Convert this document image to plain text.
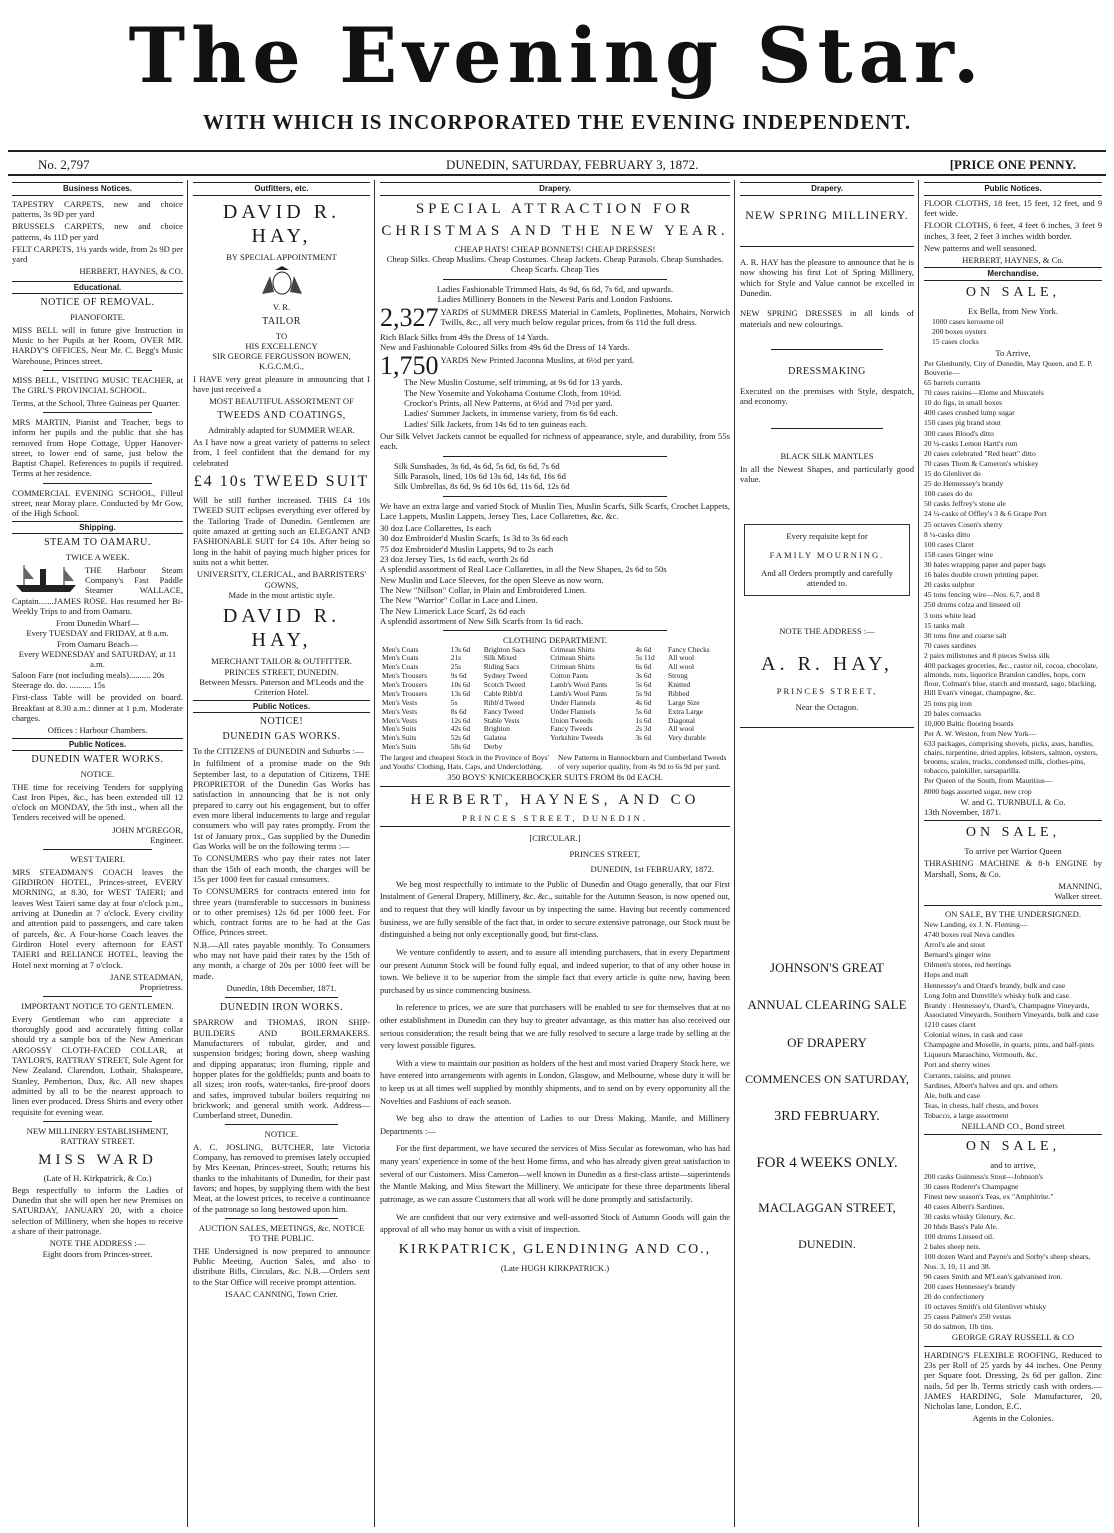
The Evening Star.
WITH WHICH IS INCORPORATED THE EVENING INDEPENDENT.
No. 2,797	DUNEDIN, SATURDAY, FEBRUARY 3, 1872.	[PRICE ONE PENNY.
Business Notices.

TAPESTRY CARPETS, new and choice patterns, 3s 9D per yard

BRUSSELS CARPETS, new and choice patterns, 4s 11D per yard

FELT CARPETS, 1¼ yards wide, from 2s 9D per yard

HERBERT, HAYNES, & CO.

Educational.
NOTICE OF REMOVAL.
PIANOFORTE.

MISS BELL will in future give Instruction in Music to her Pupils at her Room, OVER MR. HARDY'S OFFICES, Near Mr. C. Begg's Music Warehouse, Princes street.

MISS BELL, VISITING MUSIC TEACHER, at The GIRL'S PROVINCIAL SCHOOL.

Terms, at the School, Three Guineas per Quarter.

MRS MARTIN, Pianist and Teacher, begs to inform her pupils and the public that she has removed from Hope Cottage, Upper Hanover-street, to lower end of same, just below the Baptist Chapel. References to pupils if required. Terms at her residence.

COMMERCIAL EVENING SCHOOL, Filleul street, near Moray place. Conducted by Mr Gow, of the High School.

Shipping.
STEAM TO OAMARU.
TWICE A WEEK.

THE Harbour Steam Company's Fast Paddle Steamer WALLACE, Captain.......JAMES ROSE. Has resumed her Bi-Weekly Trips to and from Oamaru.

From Dunedin Wharf—
Every TUESDAY and FRIDAY, at 8 a.m.
From Oamaru Beach—
Every WEDNESDAY and SATURDAY, at 11 a.m.
Saloon Fare (not including meals).......... 20s
Steerage do. do. .......... 15s

First-class Table will be provided on board. Breakfast at 8.30 a.m.: dinner at 1 p.m. Moderate charges.

Offices : Harbour Chambers.
Public Notices.
DUNEDIN WATER WORKS.
NOTICE.

THE time for receiving Tenders for supplying Cast Iron Pipes, &c., has been extended till 12 o'clock on MONDAY, the 5th inst., when all the Tenders received will be opened.

JOHN M'GREGOR,
Engineer.
WEST TAIERI.

MRS STEADMAN'S COACH leaves the GIRDIRON HOTEL, Princes-street, EVERY MORNING, at 8.30, for WEST TAIERI; and leaves West Taieri same day at four o'clock p.m., arriving at Dunedin at 7 o'clock. Every civility and attention paid to passengers, and care taken of parcels, &c. A Four-horse Coach leaves the Girdiron Hotel every afternoon for EAST TAIERI and RELIANCE HOTEL, leaving the Hotel next morning at 7 o'clock.

JANE STEADMAN,
Proprietress.
IMPORTANT NOTICE TO GENTLEMEN.

Every Gentleman who can appreciate a thoroughly good and accurately fitting collar should try a sample box of the New American ARGOSSY CLOTH-FACED COLLAR, at TAYLOR'S, RATTRAY STREET, Sole Agent for New Zealand. Clarendon, Lothair, Shakspeare, Stanley, Pemberton, Dux, &c. All new shapes admitted by all to be the nearest approach to linen ever produced. Dress Shirts and every other requisite for evening wear.

NEW MILLINERY ESTABLISHMENT,
RATTRAY STREET.
MISS WARD
(Late of H. Kirkpatrick, & Co.)

Begs respectfully to inform the Ladies of Dunedin that she will open her new Premises on SATURDAY, JANUARY 20, with a choice selection of Millinery, when she hopes to receive a share of their patronage.

NOTE THE ADDRESS :—
Eight doors from Princes-street.
Outfitters, etc.
DAVID R. HAY,
BY SPECIAL APPOINTMENT
V. R.
TAILOR
TO
HIS EXCELLENCY
SIR GEORGE FERGUSSON BOWEN, K.G.C.M.G.,

I HAVE very great pleasure in announcing that I have just received a

MOST BEAUTIFUL ASSORTMENT OF
TWEEDS AND COATINGS,
Admirably adapted for SUMMER WEAR.

As I have now a great variety of patterns to select from, I feel confident that the demand for my celebrated

£4 10s TWEED SUIT

Will be still further increased. THIS £4 10s TWEED SUIT eclipses everything ever offered by the Tailoring Trade of Dunedin. Gentlemen are quite amazed at getting such an ELEGANT AND FASHIONABLE SUIT for £4 10s. After being so long in the habit of paying much higher prices for suits not a whit better.

UNIVERSITY, CLERICAL, and BARRISTERS' GOWNS,
Made in the most artistic style.
DAVID R. HAY,
MERCHANT TAILOR & OUTFITTER.
PRINCES STREET, DUNEDIN.
Between Messrs. Paterson and M'Leods and the Criterion Hotel.
Public Notices.
NOTICE!
DUNEDIN GAS WORKS.

To the CITIZENS of DUNEDIN and Suburbs :—

In fulfilment of a promise made on the 9th September last, to a deputation of Citizens, THE PROPRIETOR of the Dunedin Gas Works has satisfaction in announcing that he is not only prepared to carry out his engagement, but to offer even more liberal inducements to large and regular consumers who will pay rates promptly. From the 1st of January prox., Gas supplied by the Dunedin Gas Works will be on the following terms :—

To CONSUMERS who pay their rates not later than the 15th of each month, the charges will be 15s per 1000 feet for casual consumers.

To CONSUMERS for contracts entered into for three years (transferable to successors in business or to other premises) 12s 6d per 1000 feet. For which, contract forms are to be had at the Gas Office, Princes street.

N.B.—All rates payable monthly. To Consumers who may not have paid their rates by the 15th of any month, a charge of 20s per 1000 feet will be made.

Dunedin, 18th December, 1871.
DUNEDIN IRON WORKS.

SPARROW and THOMAS, IRON SHIP-BUILDERS AND BOILERMAKERS. Manufacturers of tubular, girder, and and suspension bridges; boring down, sheep washing and dipping apparatus; iron fluming, ripple and hopper plates for the goldfields; punts and boats to all sizes; iron roofs, water-tanks, fire-proof doors and safes, improved tubular boilers requiring no brickwork; and general smith work. Address—Cumberland street, Dunedin.

NOTICE.

A. C. JOSLING, BUTCHER, late Victoria Company, has removed to premises lately occupied by Mrs Keenan, Princes-street, South; returns his thanks to the inhabitants of Dunedin, for their past favors; and hopes, by supplying them with the best Meat, at the lowest prices, to receive a continuance of the patronage so long bestowed upon him.

AUCTION SALES, MEETINGS, &c. NOTICE TO THE PUBLIC.

THE Undersigned is now prepared to announce Public Meeting, Auction Sales, and also to distribute Bills, Circulars, &c. N.B.—Orders sent to the Star Office will receive prompt attention.

ISAAC CANNING, Town Crier.
Drapery.
SPECIAL ATTRACTION FOR
CHRISTMAS AND THE NEW YEAR.
CHEAP HATS! CHEAP BONNETS! CHEAP DRESSES!
Cheap Silks. Cheap Muslins. Cheap Costumes. Cheap Jackets. Cheap Parasols. Cheap Sunshades. Cheap Scarfs. Cheap Ties
Ladies Fashionable Trimmed Hats, 4s 9d, 6s 6d, 7s 6d, and upwards.
Ladies Millinery Bonnets in the Newest Paris and London Fashions.
2,327 YARDS of SUMMER DRESS Material in Camlets, Poplinettes, Mohairs, Norwich Twills, &c., all very much below regular prices, from 6s 11d the full dress.
Rich Black Silks from 49s the Dress of 14 Yards.
New and Fashionable Coloured Silks from 49s 6d the Dress of 14 Yards.
1,750 YARDS New Printed Jaconna Muslins, at 6½d per yard.
The New Muslin Costume, self trimming, at 9s 6d for 13 yards.
The New Yosemite and Yokohama Costume Cloth, from 10½d.
Crockor's Prints, all New Patterns, at 6½d and 7½d per yard.
Ladies' Summer Jackets, in immense variety, from 6s 6d each.
Ladies' Silk Jackets, from 14s 6d to ten guineas each.

Our Silk Velvet Jackets cannot be equalled for richness of appearance, style, and durability, from 55s each.

Silk Sunshades, 3s 6d, 4s 6d, 5s 6d, 6s 6d, 7s 6d
Silk Parasols, lined, 10s 6d 13s 6d, 14s 6d, 16s 6d
Silk Umbrellas, 8s 6d, 9s 6d 10s 6d, 11s 6d, 12s 6d

We have an extra large and varied Stock of Muslin Ties, Muslin Scarfs, Silk Scarfs, Crochet Lappets, Lace Lappets, Muslin Lappets, Jersey Ties, Lace Collarettes, &c. &c.

30 doz Lace Collarettes, 1s each
30 doz Embroider'd Muslin Scarfs, 1s 3d to 3s 6d each
75 doz Embroider'd Muslin Lappets, 9d to 2s each
23 doz Jersey Ties, 1s 6d each, worth 2s 6d
A splendid assortment of Real Lace Collarettes, in all the New Shapes, 2s 6d to 50s
New Muslin and Lace Sleeves, for the open Sleeve as now worn.
The New "Nillson" Collar, in Plain and Embroidered Linen.
The New "Warrior" Collar in Lace and Linen.
The New Limerick Lace Scarf, 2s 6d each
A splendid assortment of New Silk Scarfs from 1s 6d each.
CLOTHING DEPARTMENT.
Men's Coats	13s 6d	Brighton Sacs	Crimean Shirts	4s 6d	Fancy Checks
Men's Coats	21s	Silk Mixed	Crimean Shirts	5s 11d	All wool
Men's Coats	25s	Riding Sacs	Crimean Shirts	6s 6d	All wool
Men's Trousers	9s 6d	Sydney Tweed	Cotton Pants	3s 6d	Strong
Men's Trousers	10s 6d	Scotch Tweed	Lamb's Wool Pants	5s 6d	Knitted
Men's Trousers	13s 6d	Cable Ribb'd	Lamb's Wool Pants	5s 9d	Ribbed
Men's Vests	5s	Ribb'd Tweed	Under Flannels	4s 6d	Large Size
Men's Vests	8s 6d	Fancy Tweed	Under Flannels	5s 6d	Extra Large
Men's Vests	12s 6d	Stable Vests	Union Tweeds	1s 6d	Diagonal
Men's Suits	42s 6d	Brighton	Fancy Tweeds	2s 3d	All wool
Men's Suits	52s 6d	Galatea	Yorkshire Tweeds	3s 6d	Very durable
Men's Suits	58s 6d	Derby			
The largest and cheapest Stock in the Province of Boys' and Youths' Clothing, Hats, Caps, and Underclothing.
New Patterns in Bannockburn and Cumberland Tweeds of very superior quality, from 4s 9d to 6s 9d per yard.
350 BOYS' KNICKERBOCKER SUITS FROM 8s 0d EACH.
HERBERT, HAYNES, AND CO
PRINCES STREET, DUNEDIN.
[CIRCULAR.]
PRINCES STREET,
DUNEDIN, 1st FEBRUARY, 1872.

We beg most respectfully to intimate to the Public of Dunedin and Otago generally, that our First Instalment of General Drapery, Millinery, &c. &c., suitable for the Autumn Season, is now opened out, and to request that they will kindly favour us by inspecting the same. Having but recently commenced business, we are fully sensible of the fact that, in order to secure extensive patronage, our Stock must be distinguished a being not only exceptionally good, but first-class.

We venture confidently to assert, and to assure all intending purchasers, that in every Department our present Autumn Stock will be found fully equal, and indeed superior, to that of any other house in town. We believe it to be superior from the simple fact that every article is quite new, having been purchased by us since commencing business.

In reference to prices, we are sure that purchasers will be enabled to see for themselves that at no other establishment in Dunedin can they buy to greater advantage, as this matter has also received our serious consideration; the result being that we are fully resolved to secure a large trade by selling at the very lowest possible figures.

With a view to maintain our position as holders of the best and most varied Drapery Stock here, we have entered into arrangements with agents in London, Glasgow, and Melbourne, whose duty it will be to keep us at all times well supplied by monthly shipments, and to send on by every opportunity all the Novelties and Fashions of each season.

We beg also to draw the attention of Ladies to our Dress Making, Mantle, and Millinery Departments :—

For the first department, we have secured the services of Miss Secular as forewoman, who has had many years' experience in some of the best Home firms, and who has already given great satisfaction to several of our Customers. Miss Cameron—well known in Dunedin as a first-class artiste—superintends the Mantle Making, and Miss Stewart the Millinery. We anticipate for these three departments liberal patronage, as we can assure Customers that all work will be done promptly and satisfactorily.

We are confident that our very extensive and well-assorted Stock of Autumn Goods will gain the approval of all who may honor us with a visit of inspection.

KIRKPATRICK, GLENDINING AND CO.,
(Late HUGH KIRKPATRICK.)
Drapery.
NEW SPRING MILLINERY.

A. R. HAY has the pleasure to announce that he is now showing his first Lot of Spring Millinery, which for Style and Value cannot be excelled in Dunedin.

NEW SPRING DRESSES in all kinds of materials and new colourings.

DRESSMAKING

Executed on the premises with Style, despatch, and economy.

BLACK SILK MANTLES

In all the Newest Shapes, and particularly good value.

Every requisite kept for
FAMILY MOURNING.
And all Orders promptly and carefully attended to.
NOTE THE ADDRESS :—
A. R. HAY,
PRINCES STREET,
Near the Octagon.
JOHNSON'S GREAT
ANNUAL CLEARING SALE
OF DRAPERY
COMMENCES ON SATURDAY,
3RD FEBRUARY.
FOR 4 WEEKS ONLY.
MACLAGGAN STREET,
DUNEDIN.
Public Notices.

FLOOR CLOTHS, 18 feet, 15 feet, 12 feet, and 9 feet wide.

FLOOR CLOTHS, 6 feet, 4 feet 6 inches, 3 feet 9 inches, 3 feet, 2 feet 3 inches width border.

New patterns and well seasoned.

HERBERT, HAYNES, & Co.
Merchandise.
ON SALE,
Ex Bella, from New York.
1000 cases kerosene oil
200 boxes oysters
15 cases clocks
To Arrive,
Per Glenhuntly, City of Dunedin, May Queen, and E. P. Bouverie—
65 barrels currants
70 cases raisins—Eleme and Muscatels
10 do figs, in small boxes
400 cases crushed lump sugar
150 cases pig brand stout
300 cases Blood's ditto
20 ¼-casks Lemon Hartt's rum
20 cases celebrated "Red heart" ditto
70 cases Thom & Cameron's whiskey
15 do Glenlivet do
25 do Hennessey's brandy
100 cases do do
50 casks Jeffrey's stone ale
24 ¼-casks of Offley's 3 & 6 Grape Port
25 octaves Cosen's sherry
8 ¼-casks ditto
100 cases Claret
158 cases Ginger wine
30 bales wrapping paper and paper bags
16 bales double crown printing paper.
20 casks sulphur
45 tons fencing wire—Nos. 6,7, and 8
250 drums colza and linseed oil
3 tons white lead
15 tanks malt
30 tons fine and coarse salt
70 cases sardines
2 pairs millstones and 8 pieces Swiss silk
400 packages groceries, &c., castor oil, cocoa, chocolate, almonds, nuts, liquorice Brandon candles, hops, corn flour, Colman's blue, starch and mustard, sago, blacking, Hill Evan's vinegar, champagne, &c.
25 tons pig iron
20 bales cornsacks
10,000 Baltic flooring boards
Per A. W. Weston, from New York—
633 packages, comprising shovels, picks, axes, handles, chairs, turpentine, dried apples, lobsters, salmon, oysters, brooms, scales, trucks, condensed milk, clothes-pins, tobacco, painkiller, sarsaparilla.
Per Queen of the South, from Mauritius—
8000 bags assorted sugar, new crop
W. and G. TURNBULL & Co.
13th November, 1871.
ON SALE,
To arrive per Warrior Queen

THRASHING MACHINE & 8-h ENGINE by Marshall, Sons, & Co.

MANNING,
Walker street.
ON SALE, BY THE UNDERSIGNED.
New Landing, ex J. N. Fleming—
4740 boxes real Neva candles
Arrol's ale and stout
Bernard's ginger wine
Oilmen's stores, red herrings
Hops and malt
Hennessey's and Otard's brandy, bulk and case
Long John and Dunville's whisky bulk and case.
Brandy : Hennessey's, Otard's, Champagne Vineyards, Associated Vineyards, Southern Vineyards, bulk and case
1210 cases claret
Colonial wines, in cask and case
Champagne and Moselle, in quarts, pints, and half-pints
Liqueurs Maraschino, Vermouth, &c.
Port and sherry wines
Currants, raisins, and prunes
Sardines, Albert's halves and qrs. and others
Ale, bulk and case
Teas, in chests, half chests, and boxes
Tobacco, a large assortment
NEILLAND CO., Bond street
ON SALE,
and to arrive,
200 casks Guinness's Stout—Johnson's
30 cases Roderer's Champagne
Finest new season's Teas, ex "Amphitrite."
40 cases Albert's Sardines.
30 casks whisky Glenury, &c.
20 hhds Bass's Pale Ale.
100 drums Linseed oil.
2 bales sheep nets.
100 dozen Ward and Payne's and Sorby's sheep shears, Nos. 3, 10, 11 and 38.
90 cases Smith and M'Lean's galvanised iron.
200 cases Hennessey's brandy
20 do confectionery
10 octaves Smith's old Glenlivet whisky
25 cases Palmer's 250 vestas
50 do salmon, 1lb tins.
GEORGE GRAY RUSSELL & CO

HARDING'S FLEXIBLE ROOFING, Reduced to 23s per Roll of 25 yards by 44 inches. One Penny per Square foot. Dressing, 2s 6d per gallon. Zinc nails, 5d per lb. Terms strictly cash with orders.—JAMES HARDING, Sole Manufacturer, 20, Nicholas lane, London, E.C.

Agents in the Colonies.
